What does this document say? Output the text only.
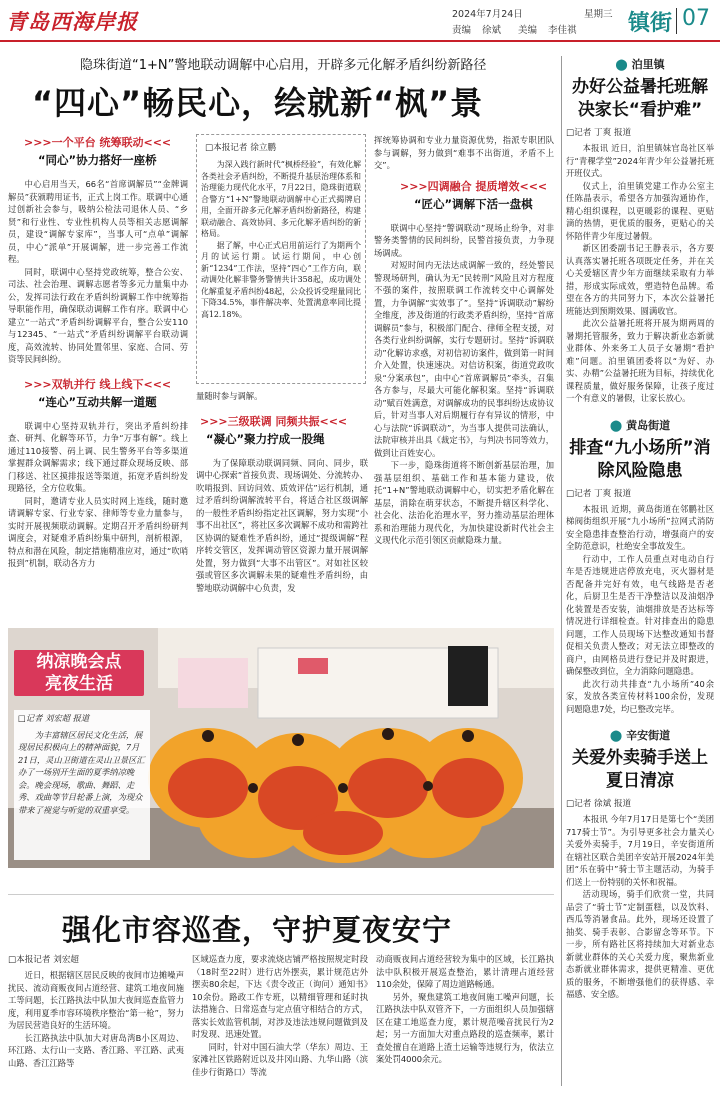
青岛西海岸报	2024年7月24日	星期三
责编 徐斌 美编 李佳祺 镇街 07
隐珠街道“1+N”警地联动调解中心启用，开辟多元化解矛盾纠纷新路径
“四心”畅民心，绘就新“枫”景
>>>一个平台 统筹联动<<<
“同心”协力搭好一座桥
中心启用当天，66名“首席调解员”“金牌调解员”获颁聘用证书，正式上岗工作。联调中心通过创新社会参与，吸纳公检法司退休人员、“乡贤”和行业性、专业性机构人员等相关志愿调解员，建设“调解专家库”，当事人可“点单”调解员，中心“派单”开展调解，进一步完善工作流程。
同时，联调中心坚持党政统筹，整合公安、司法、社会治理、调解志愿者等多元力量集中办公，发挥司法行政在矛盾纠纷调解工作中统筹指导职能作用，确保联动调解工作有序。联调中心建立“一站式”矛盾纠纷调解平台，整合公安110与12345、“一站式”矛盾纠纷调解平台联动调度，高效流转、协同处置邻里、家庭、合同、劳资等民间纠纷。
>>>双轨并行 线上线下<<<
“连心”互动共解一道题
联调中心坚持双轨并行，突出矛盾纠纷排查、研判、化解等环节，力争“万事有解”。线上通过110接警、码上调、民生警务平台等多渠道掌握群众调解需求；线下通过群众现场反映、部门移送、社区摸排报送等渠道，拓宽矛盾纠纷发现路径，全方位收集。
同时，邀请专业人员实时网上连线，随时邀请调解专家、行业专家、律师等专业力量参与，实时开展视频联动调解。定期召开矛盾纠纷研判调度会，对疑难矛盾纠纷集中研判，剖析根源，特点和潜在风险，制定措施精准应对，通过“吹哨报到”机制，联动各方力
□本报记者 徐立鹏
为深入践行新时代“枫桥经验”，有效化解各类社会矛盾纠纷，不断提升基层治理体系和治理能力现代化水平，7月22日，隐珠街道联合警方“1+N”警地联动调解中心正式揭牌启用，全面开辟多元化解矛盾纠纷新路径，构建联动融合、高效协同、多元化解矛盾纠纷的新格局。
据了解，中心正式启用前运行了为期两个月的试运行期。试运行期间，中心创新“1234”工作法，坚持“四心”工作方向，联动调处化解非警务警情共计358起，成功调处化解重复矛盾纠纷48起，公众投诉受理量同比下降34.5%，事件解决率、处置满意率同比提高12.18%。
量随时参与调解。
>>>三级联调 同频共振<<<
“凝心”聚力拧成一股绳
为了保障联动联调同频、同向、同步，联调中心探索“首接负责、现场调处、分流转办、吹哨报到、回访问效、质效评估”运行机制，通过矛盾纠纷调解流转平台，将适合社区级调解的一般性矛盾纠纷指定社区调解，努力实现“小事不出社区”，将社区多次调解不成功和需跨社区协调的疑难性矛盾纠纷，通过“提级调解”程序转交管区，发挥调动管区资源力量开展调解处置，努力做到“大事不出管区”。对如社区较强或管区多次调解未果的疑难性矛盾纠纷，由警地联动调解中心负责，发
挥统筹协调和专业力量资源优势，指派专职团队参与调解，努力做到“难事不出街道，矛盾不上交”。
>>>四调融合 提质增效<<<
“匠心”调解下活一盘棋
联调中心坚持“警调联动”现场止纷争，对非警务类警情的民间纠纷，民警首接负责，力争现场调成。
对短时间内无法达成调解一致的，经处警民警现场研判，确认为无“民转刑”风险且对方程度不强的案件，按照联调工作流转交中心调解处置，力争调解“实效事了”。坚持“诉调联动”解纷全维度，涉及街道的行政类矛盾纠纷，坚持“首席调解员”参与，积极部门配合、律师全程支援，对各类行业纠纷调解，实行专题研讨。坚持“诉调联动”化解访求惑，对初信初访案件，做到第一时间介入处置，快速速决。对信访积案，街道党政吹泉“分案承包”，由中心“首席调解员”牵头，召集各方参与，尽最大可能化解积案。坚持“诉调联动”赋百姓满意，对调解成功的民事纠纷达成协议后，针对当事人对后期履行存有异议的情形，中心与法院“诉调联动”，为当事人提供司法确认，法院审核并出具《裁定书》，与判决书同等效力，做到让百姓安心。
下一步，隐珠街道将不断创新基层治理，加强基层组织、基础工作和基本能力建设，依托“1+N”警地联动调解中心，切实把矛盾化解在基层，消除在萌芽状态，不断提升辖区科学化、社会化、法治化治理水平，努力推动基层治理体系和治理能力现代化，为加快建设新时代社会主义现代化示范引领区贡献隐珠力量。
纳凉晚会点亮夜生活
□记者 刘宏超 报道
为丰富辖区居民文化生活，展现居民积极向上的精神面貌，7月21日，灵山卫街道在灵山卫景区汇办了一场别开生面的夏季纳凉晚会。晚会现场，歌曲、舞蹈、走秀、戏曲等节目轮番上演，为现众带来了视觉与听觉的双重享受。
强化市容巡查，守护夏夜安宁
□本报记者 刘宏超
近日，根据辖区居民反映的夜间市边摊噪声扰民、流动商贩夜间占道经营、建筑工地夜间施工等问题，长江路执法中队加大夜间巡查监管力度，利用夏季市容环境秩序整治“第一枪”，努力为居民营造良好的生活环境。
长江路执法中队加大对唐岛湾B小区周边、环江路、太行山一支路、香江路、平江路、武夷山路、香江江路等
区域巡查力度，要求流烧店铺严格按照规定时段（18时至22时）进行店外摆卖，累计规范店外摆卖80余起，下达《责令改正（询问）通知书》10余份。路政工作专班，以精细管理和延时执法措施合、日常巡查与定点值守相结合的方式，落实长效监管机制，对涉及违法违规问题做到及时发现、迅速处置。
同时，针对中国石油大学（华东）周边、王家滩社区铁路附近以及井冈山路、九华山路（滨佳步行街路口）等流
动商贩夜间占道经营较为集中的区域，长江路执法中队积极开展巡查整治，累计清理占道经营110余处，保障了周边道路畅通。
另外，聚焦建筑工地夜间施工噪声问题，长江路执法中队双管齐下，一方面组织人员加强辖区在建工地巡查力度，累计规范噪音扰民行为2起；另一方面加大对重点路段的巡查频率，累计查处擅自在道路上渣土运输等违规行为，依法立案处罚4000余元。
⬤ 泊里镇
办好公益暑托班解决家长“看护难”
□记者 丁爽 报道
本报讯 近日，泊里镇妹官岛社区举行“青稞学堂”2024年青少年公益暑托班开班仪式。
仪式上，泊里镇党建工作办公室主任陈晶表示，希望各方加强沟通协作，精心组织课程，以更暖彩的课程、更贴滴的热情，更优质的服务，更贴心的关怀陪伴青少年度过暑假。
新区团委副书记王静表示，各方要认真落实暑托班各项既定任务，并在关心关爱辖区青少年方面继续采取有力举措，形成实际成效，塑造特色品牌。希望在各方的共同努力下，本次公益暑托班能达到预期效果、圆满收官。
此次公益暑托班将开展为期两周的暑期托管服务，致力于解决新业态新就业群体、外来务工人员子女暑期“看护难”问题。泊里镇团委将以“为好、办实、办精”公益暑托班为目标，持续优化课程质量，做好服务保障，让孩子度过一个有意义的暑假，让家长放心。
⬤ 黄岛街道
排查“九小场所”消除风险隐患
□记者 丁爽 报道
本报讯 近期，黄岛街道在邻鹏社区梯阀街组织开展“九小场所”拉网式消防安全隐患排查整治行动，增强商户的安全防范意识，杜绝安全事故发生。
行动中，工作人员重点对电动自行车是否违规进店停放充电，灭火器材是否配备并完好有效，电气线路是否老化，后厨卫生是否干净整洁以及油烟净化装置是否安装，油烟排放是否达标等情况进行详细检查。针对排查出的隐患问题，工作人员现场下达整改通知书督促相关负责人整改；对无法立即整改的商户，由网格员进行登记并及时跟进，确保整改到位，全力消除问题隐患。
此次行动共排查“九小场所”40余家，发放各类宣传材料100余份，发现问题隐患7处，均已整改完毕。
⬤ 辛安街道
关爱外卖骑手送上夏日清凉
□记者 徐斌 报道
本报讯 今年7月17日是第七个“美团717骑士节”。为引导更多社会力量关心关爱外卖骑手，7月19日，辛安街道所在辖社区联合美团辛安站开展2024年美团“乐在骑中”骑士节主题活动，为骑手们送上一份特别的关怀和祝福。
活动现场，骑手们欣赏一堂，共同品尝了“骑士节”定制蛋糕，以及饮料、西瓜等消暑食品。此外，现场还设置了抽奖、骑手表彰、合影留念等环节。下一步，所有路社区将持续加大对新业态新就业群体的关心关爱力度，聚焦新业态新就业群体需求，提供更精准、更优质的服务，不断增强他们的获得感、幸福感、安全感。
